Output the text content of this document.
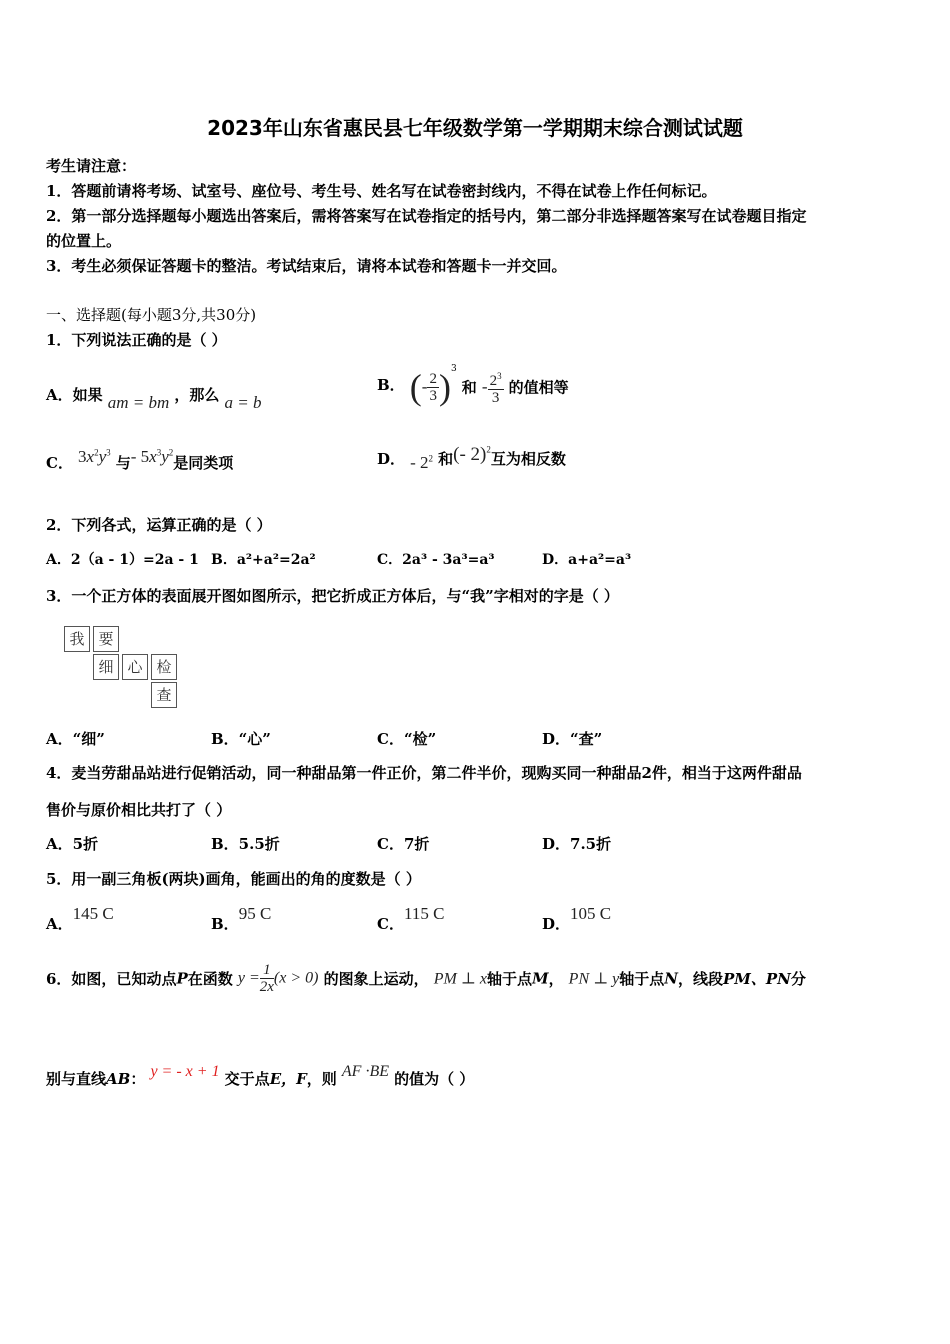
2023年山东省惠民县七年级数学第一学期期末综合测试试题
考生请注意：
1．答题前请将考场、试室号、座位号、考生号、姓名写在试卷密封线内，不得在试卷上作任何标记。
2．第一部分选择题每小题选出答案后，需将答案写在试卷指定的括号内，第二部分非选择题答案写在试卷题目指定
的位置上。
3．考生必须保证答题卡的整洁。考试结束后，请将本试卷和答题卡一并交回。
一、选择题(每小题3分,共30分)
1．下列说法正确的是（ ）
A．如果 am = bm ，那么 a = b
B． (- $\frac{2}{3} )^3$ 和 - $\frac{2^3}{3}$ 的值相等
C． $3x^2y^3$ 与- $5x^3y^2$是同类项	D． - $2^2$ 和(- 2)$^2$互为相反数
2．下列各式，运算正确的是（ ）
A．2（a - 1）=2a - 1 B．a²+a²=2a²	C．2a³ - 3a³=a³	D．a+a²=a³
3．一个正方体的表面展开图如图所示，把它折成正方体后，与“我”字相对的字是（ ）
我 要
细 心 检
查
A．“细”	B．“心”	C．“检”	D．“查”
4．麦当劳甜品站进行促销活动，同一种甜品第一件正价，第二件半价，现购买同一种甜品2件，相当于这两件甜品
售价与原价相比共打了（ ）
A．5折	B．5.5折	C．7折	D．7.5折
5．用一副三角板(两块)画角，能画出的角的度数是（ ）
A．145 C
B．95 C
C．115 C
D．105 C
6．如图，已知动点P在函数 $y = \frac{1}{2x} (x > 0)$ 的图象上运动， PM ⊥ x轴于点M， PN ⊥ y轴于点N，线段PM、PN分
别与直线AB： y = - x + 1 交于点E，F，则 AF ·BE 的值为（ ）
